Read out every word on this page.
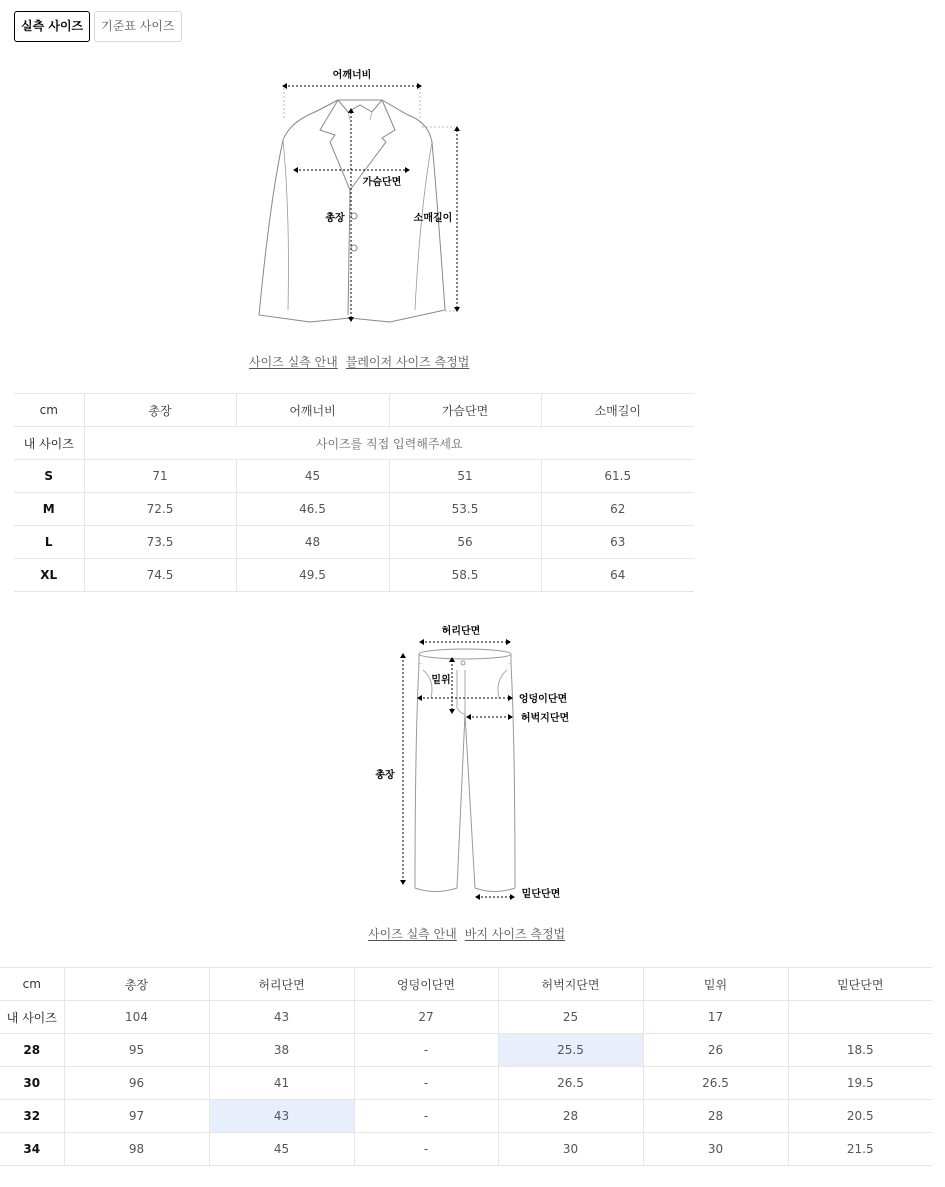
실측 사이즈	기준표 사이즈
어깨너비
가슴단면
총장	소매길이
사이즈 실측 안내 블레이저 사이즈 측정법
cm	총장	어깨너비	가슴단면	소매길이
내 사이즈	사이즈를 직접 입력해주세요			
S	71	45	51	61.5
M	72.5	46.5	53.5	62
L	73.5	48	56	63
XL	74.5	49.5	58.5	64
허리단면
밑위
엉덩이단면
허벅지단면
총장
밑단단면
사이즈 실측 안내 바지 사이즈 측정법
cm	총장	허리단면	엉덩이단면	허벅지단면	밑위	밑단단면
내 사이즈	104	43	27	25	17	
28	95	38	-	25.5	26	18.5
30	96	41	-	26.5	26.5	19.5
32	97	43	-	28	28	20.5
34	98	45	-	30	30	21.5
